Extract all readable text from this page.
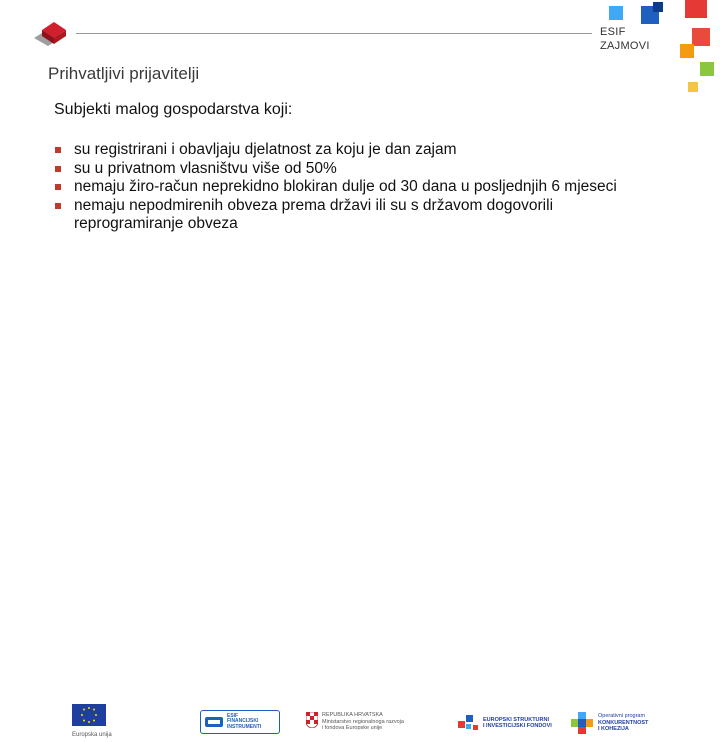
ESIF
ZAJMOVI
Prihvatljivi prijavitelji

Subjekti malog gospodarstva koji:

su registrirani i obavljaju djelatnost za koju je dan zajam
su u privatnom vlasništvu više od 50%
nemaju žiro-račun neprekidno blokiran dulje od 30 dana u posljednjih 6 mjeseci
nemaju nepodmirenih obveza prema državi ili su s državom dogovorili reprogramiranje obveza
Europska unija
ESIF
FINANCIJSKI
INSTRUMENTI
REPUBLIKA HRVATSKA
Ministarstvo regionalnoga razvoja
i fondova Europske unije
EUROPSKI STRUKTURNI
I INVESTICIJSKI FONDOVI
Operativni program
KONKURENTNOST
I KOHEZIJA
